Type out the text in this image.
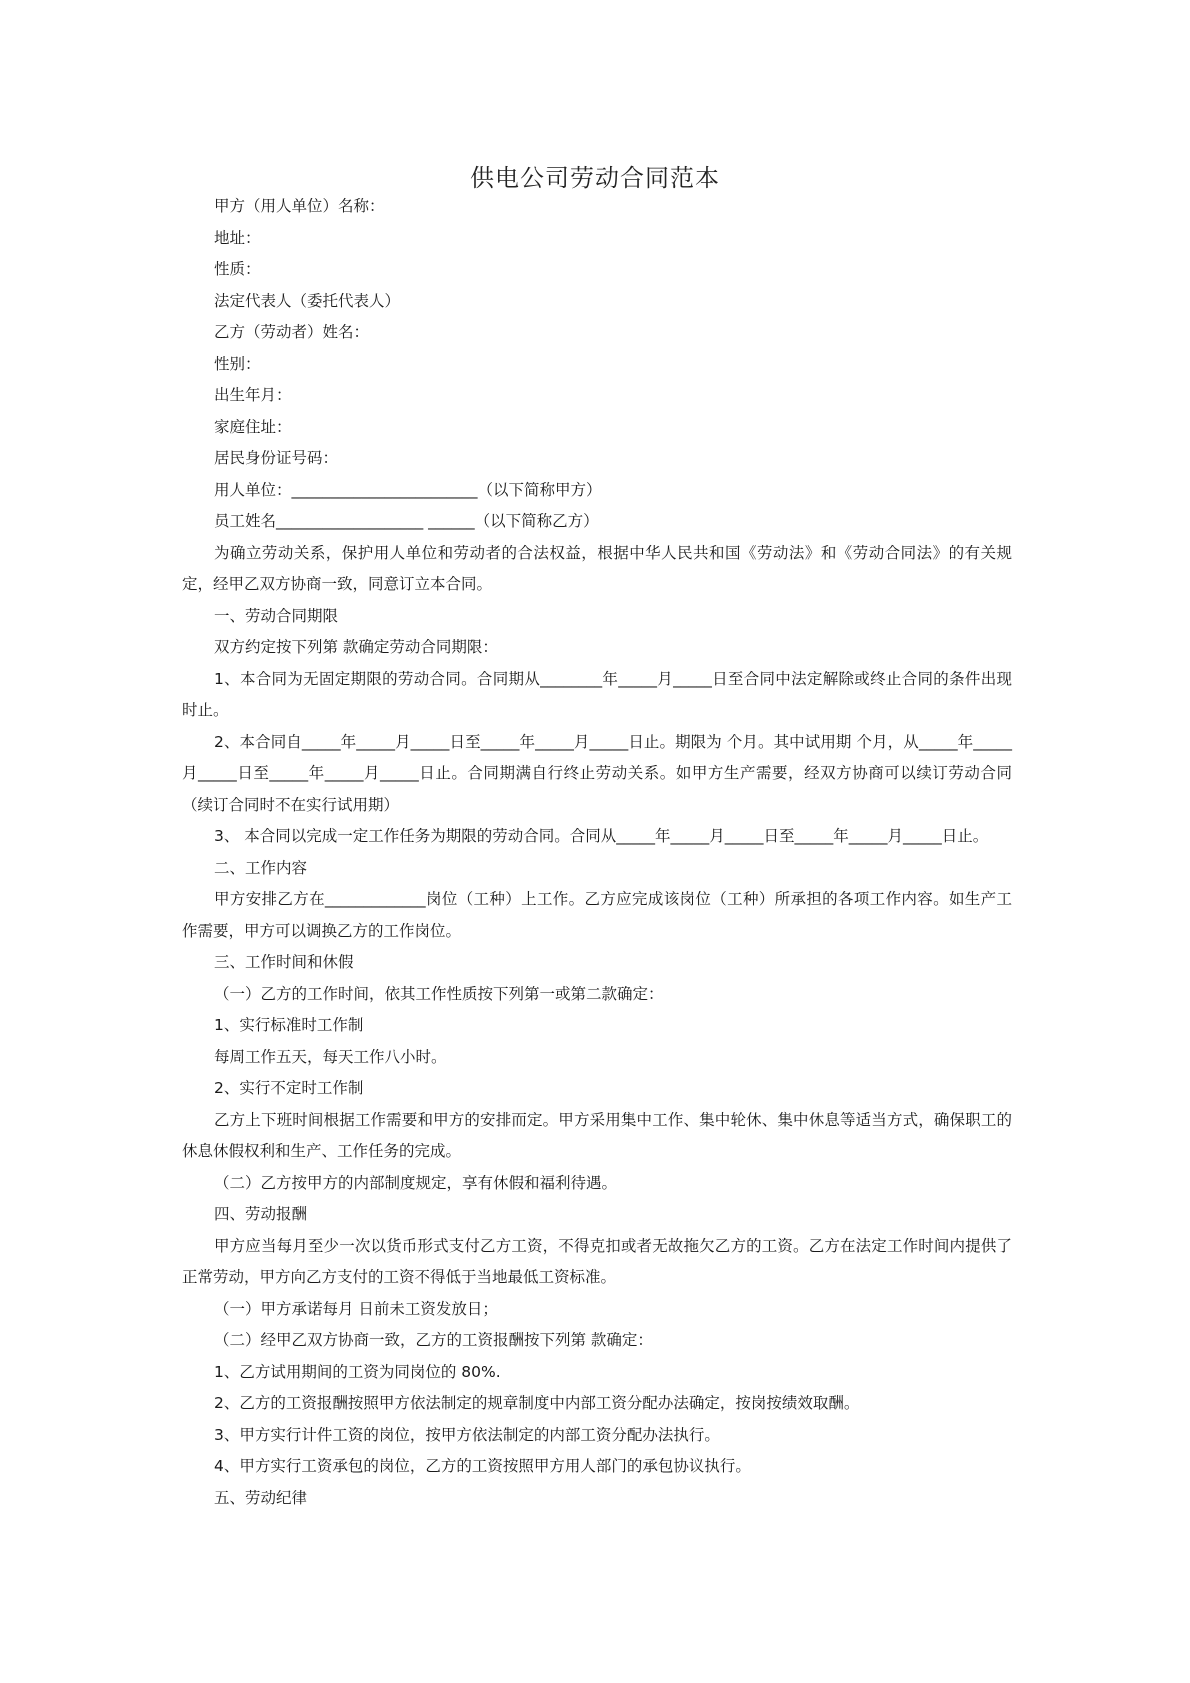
供电公司劳动合同范本

甲方（用人单位）名称：

地址：

性质：

法定代表人（委托代表人）

乙方（劳动者）姓名：

性别：

出生年月：

家庭住址：

居民身份证号码：

用人单位：________________________（以下简称甲方）

员工姓名___________________ ______（以下简称乙方）

为确立劳动关系，保护用人单位和劳动者的合法权益，根据中华人民共和国《劳动法》和《劳动合同法》的有关规定，经甲乙双方协商一致，同意订立本合同。

一、劳动合同期限

双方约定按下列第 款确定劳动合同期限：

1、本合同为无固定期限的劳动合同。合同期从________年_____月_____日至合同中法定解除或终止合同的条件出现时止。

2、本合同自_____年_____月_____日至_____年_____月_____日止。期限为 个月。其中试用期 个月，从_____年_____月_____日至_____年_____月_____日止。合同期满自行终止劳动关系。如甲方生产需要，经双方协商可以续订劳动合同（续订合同时不在实行试用期）

3、 本合同以完成一定工作任务为期限的劳动合同。合同从_____年_____月_____日至_____年_____月_____日止。

二、工作内容

甲方安排乙方在_____________岗位（工种）上工作。乙方应完成该岗位（工种）所承担的各项工作内容。如生产工作需要，甲方可以调换乙方的工作岗位。

三、工作时间和休假

（一）乙方的工作时间，依其工作性质按下列第一或第二款确定：

1、实行标准时工作制

每周工作五天，每天工作八小时。

2、实行不定时工作制

乙方上下班时间根据工作需要和甲方的安排而定。甲方采用集中工作、集中轮休、集中休息等适当方式，确保职工的休息休假权利和生产、工作任务的完成。

（二）乙方按甲方的内部制度规定，享有休假和福利待遇。

四、劳动报酬

甲方应当每月至少一次以货币形式支付乙方工资，不得克扣或者无故拖欠乙方的工资。乙方在法定工作时间内提供了正常劳动，甲方向乙方支付的工资不得低于当地最低工资标准。

（一）甲方承诺每月 日前未工资发放日；

（二）经甲乙双方协商一致，乙方的工资报酬按下列第 款确定：

1、乙方试用期间的工资为同岗位的 80%.

2、乙方的工资报酬按照甲方依法制定的规章制度中内部工资分配办法确定，按岗按绩效取酬。

3、甲方实行计件工资的岗位，按甲方依法制定的内部工资分配办法执行。

4、甲方实行工资承包的岗位，乙方的工资按照甲方用人部门的承包协议执行。

五、劳动纪律
